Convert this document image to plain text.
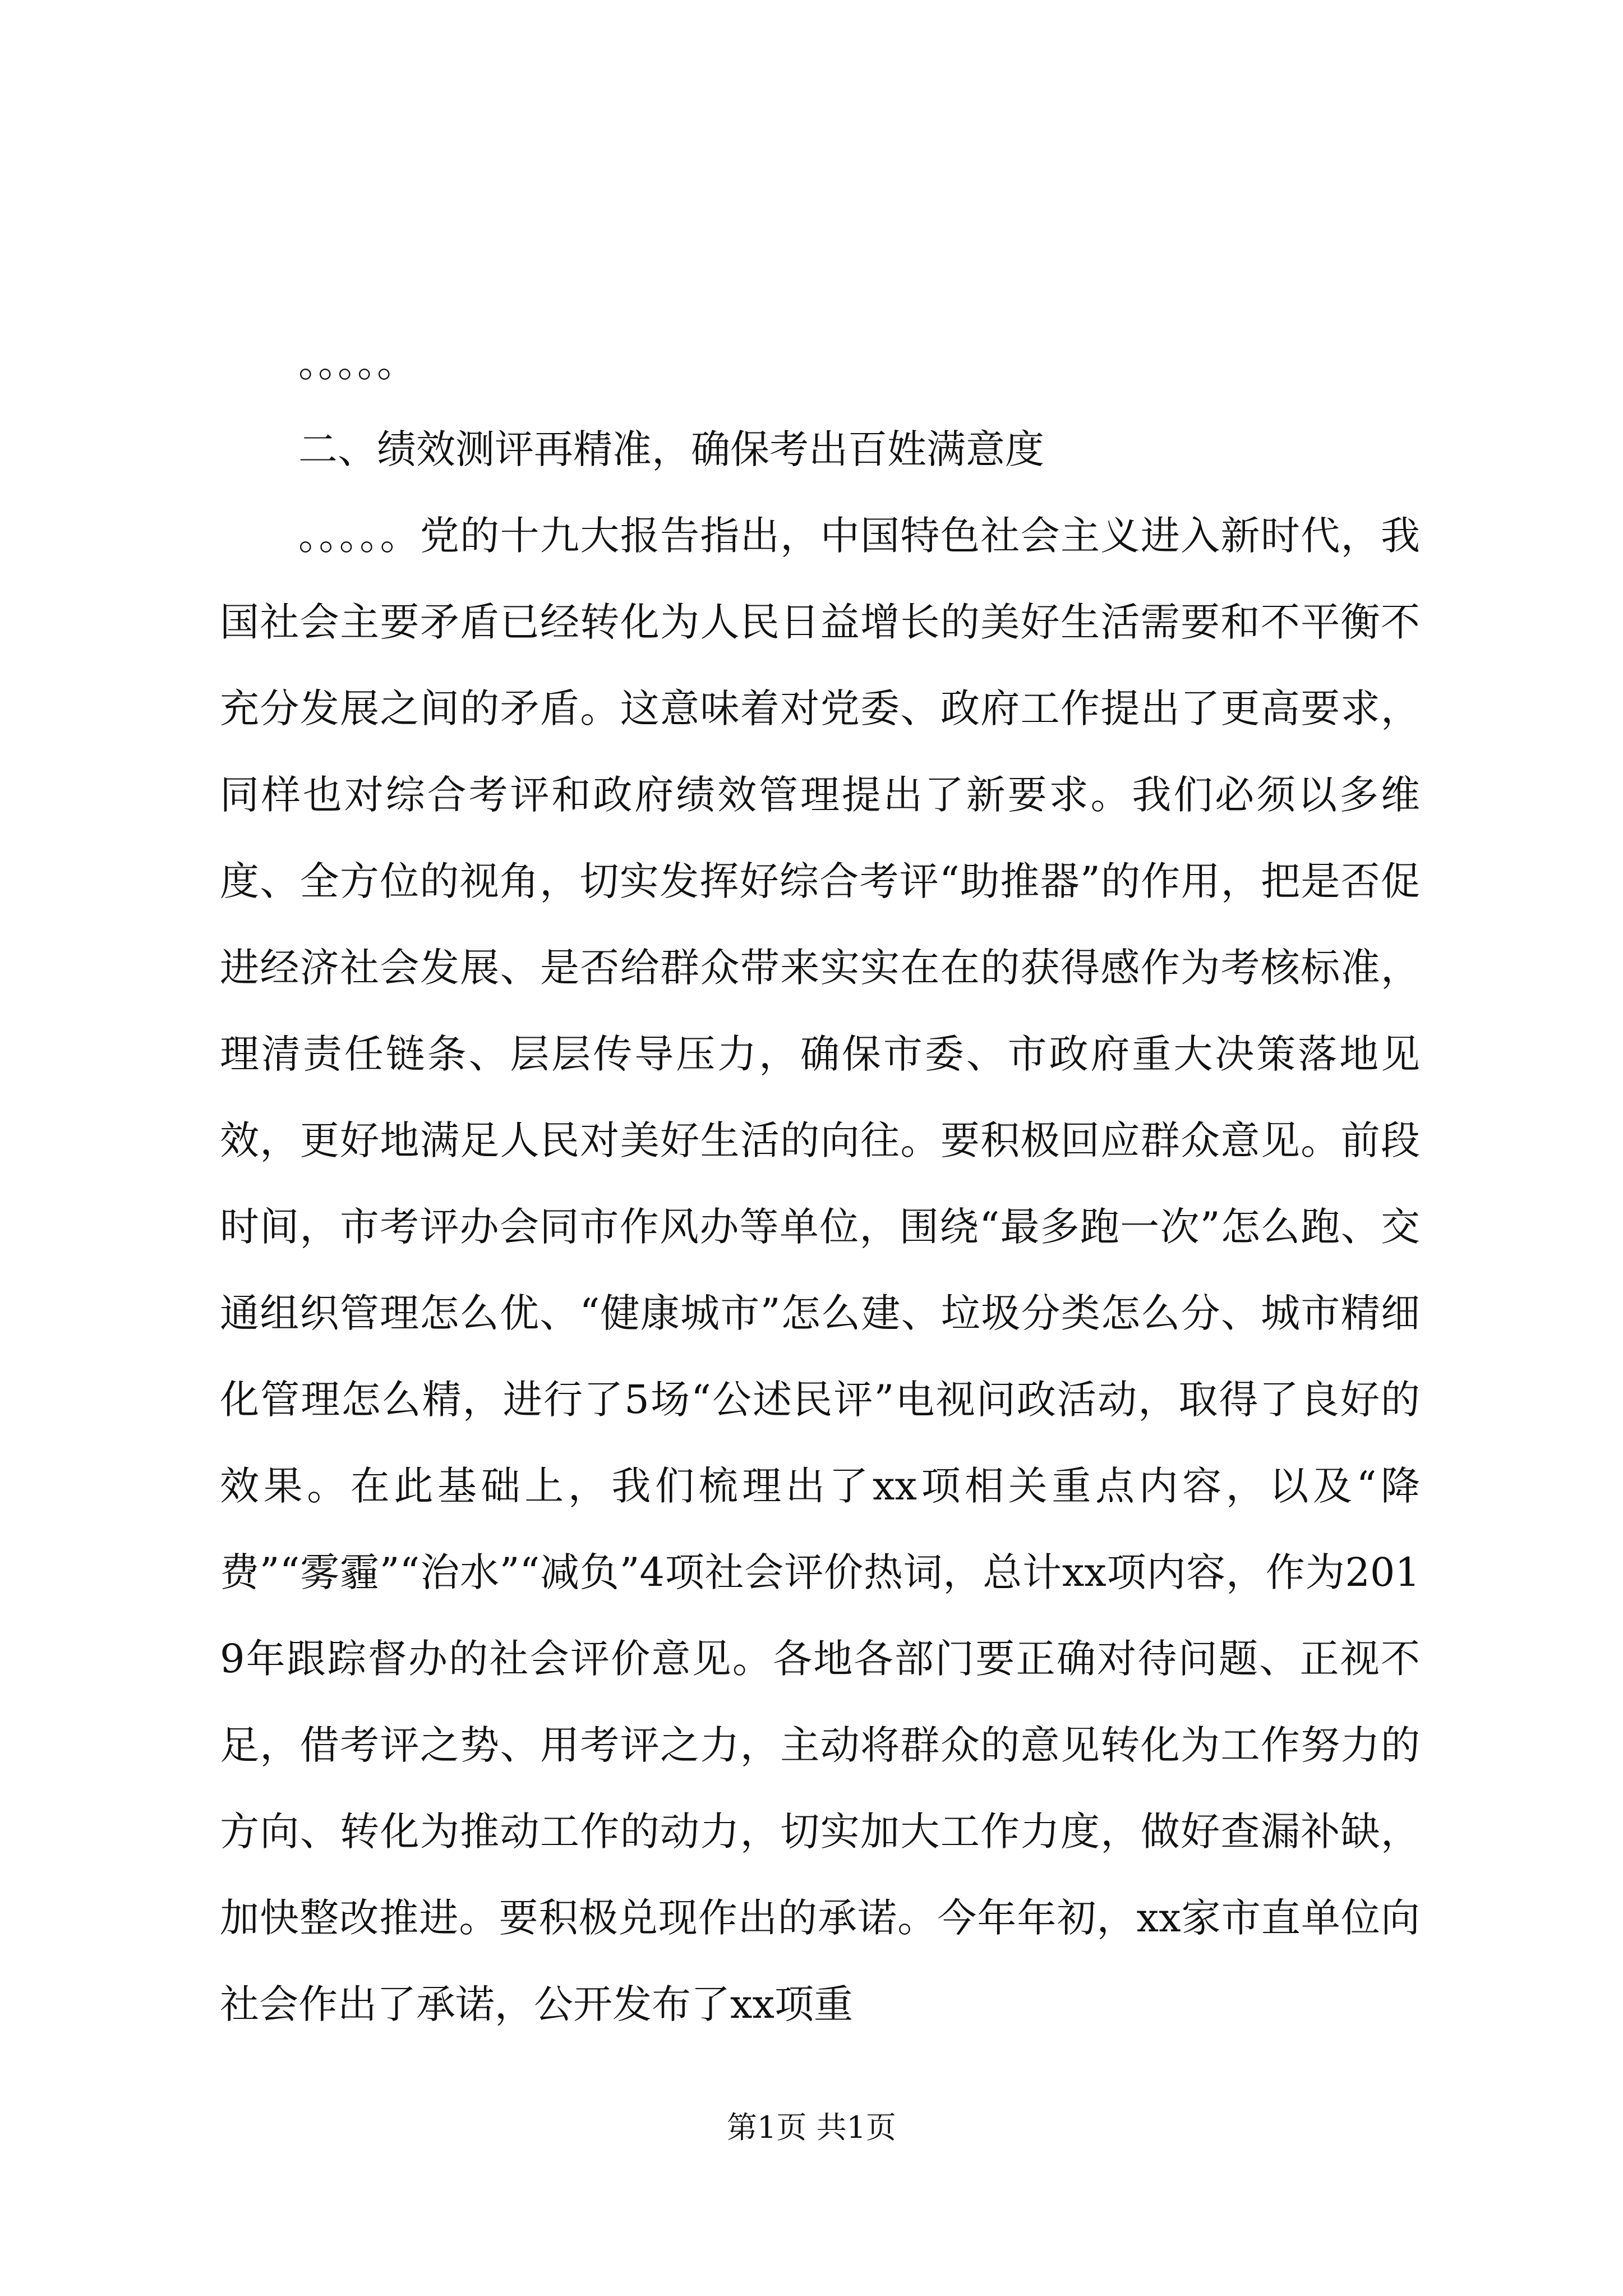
。。。。。

二、绩效测评再精准，确保考出百姓满意度

。。。。。党的十九大报告指出，中国特色社会主义进入新时代，我国社会主要矛盾已经转化为人民日益增长的美好生活需要和不平衡不充分发展之间的矛盾。这意味着对党委、政府工作提出了更高要求，同样也对综合考评和政府绩效管理提出了新要求。我们必须以多维度、全方位的视角，切实发挥好综合考评“助推器”的作用，把是否促进经济社会发展、是否给群众带来实实在在的获得感作为考核标准，理清责任链条、层层传导压力，确保市委、市政府重大决策落地见效，更好地满足人民对美好生活的向往。要积极回应群众意见。前段时间，市考评办会同市作风办等单位，围绕“最多跑一次”怎么跑、交通组织管理怎么优、“健康城市”怎么建、垃圾分类怎么分、城市精细化管理怎么精，进行了5场“公述民评”电视问政活动，取得了良好的效果。在此基础上，我们梳理出了xx项相关重点内容，以及“降费”“雾霾”“治水”“减负”4项社会评价热词，总计xx项内容，作为2019年跟踪督办的社会评价意见。各地各部门要正确对待问题、正视不足，借考评之势、用考评之力，主动将群众的意见转化为工作努力的方向、转化为推动工作的动力，切实加大工作力度，做好查漏补缺，加快整改推进。要积极兑现作出的承诺。今年年初，xx家市直单位向社会作出了承诺，公开发布了xx项重

第1页 共1页
